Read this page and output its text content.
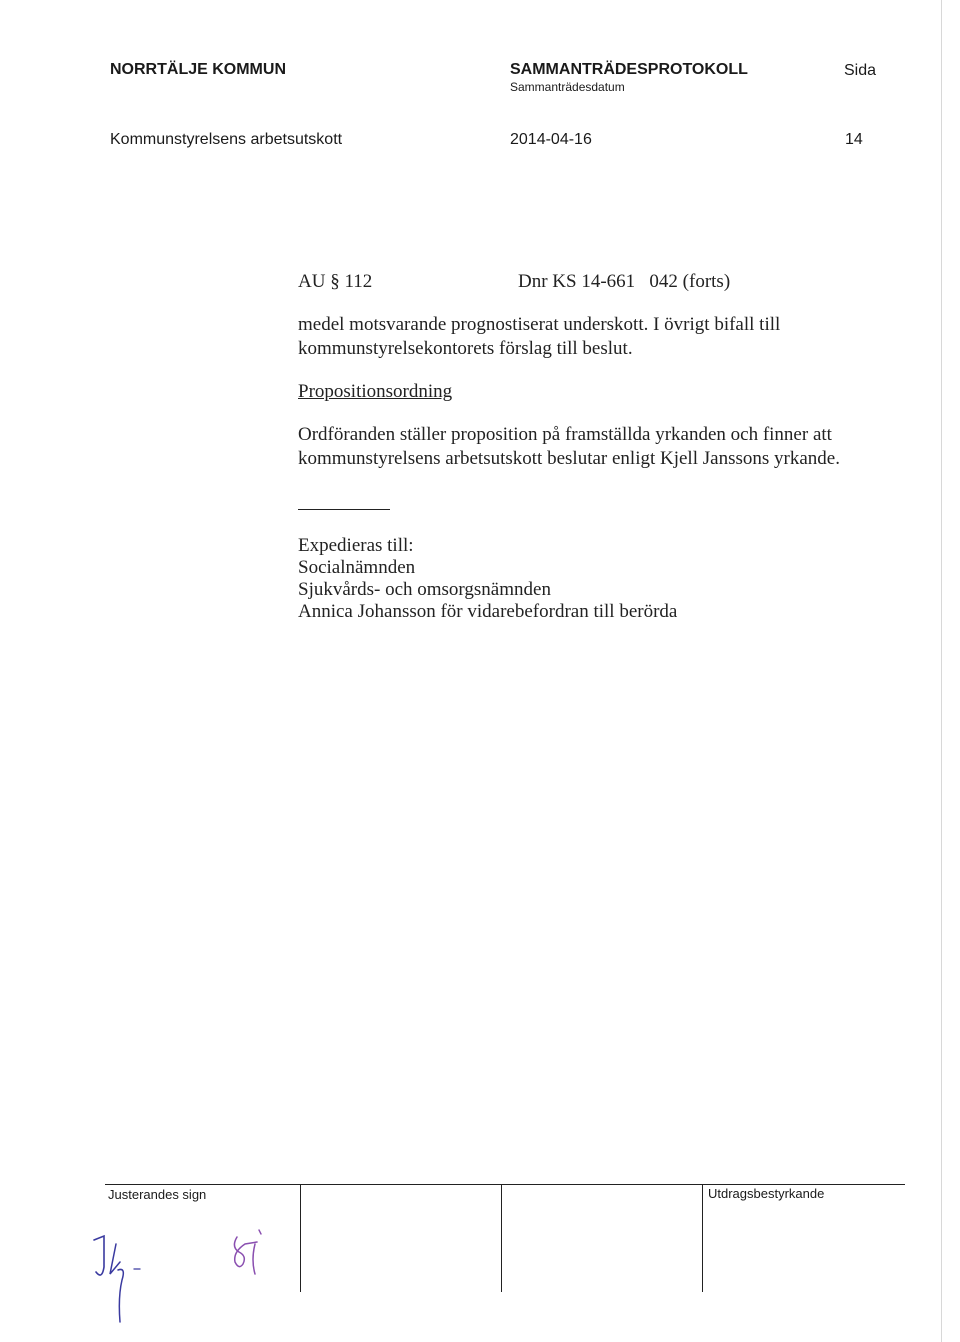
NORRTÄLJE KOMMUN	SAMMANTRÄDESPROTOKOLL
Sammanträdesdatum
Sida
Kommunstyrelsens arbetsutskott	2014-04-16	14
AU § 112	Dnr KS 14-661   042 (forts)
medel motsvarande prognostiserat underskott. I övrigt bifall till
kommunstyrelsekontorets förslag till beslut.
Propositionsordning
Ordföranden ställer proposition på framställda yrkanden och finner att
kommunstyrelsens arbetsutskott beslutar enligt Kjell Janssons yrkande.
Expedieras till:
Socialnämnden
Sjukvårds- och omsorgsnämnden
Annica Johansson för vidarebefordran till berörda
Justerandes sign	Utdragsbestyrkande
